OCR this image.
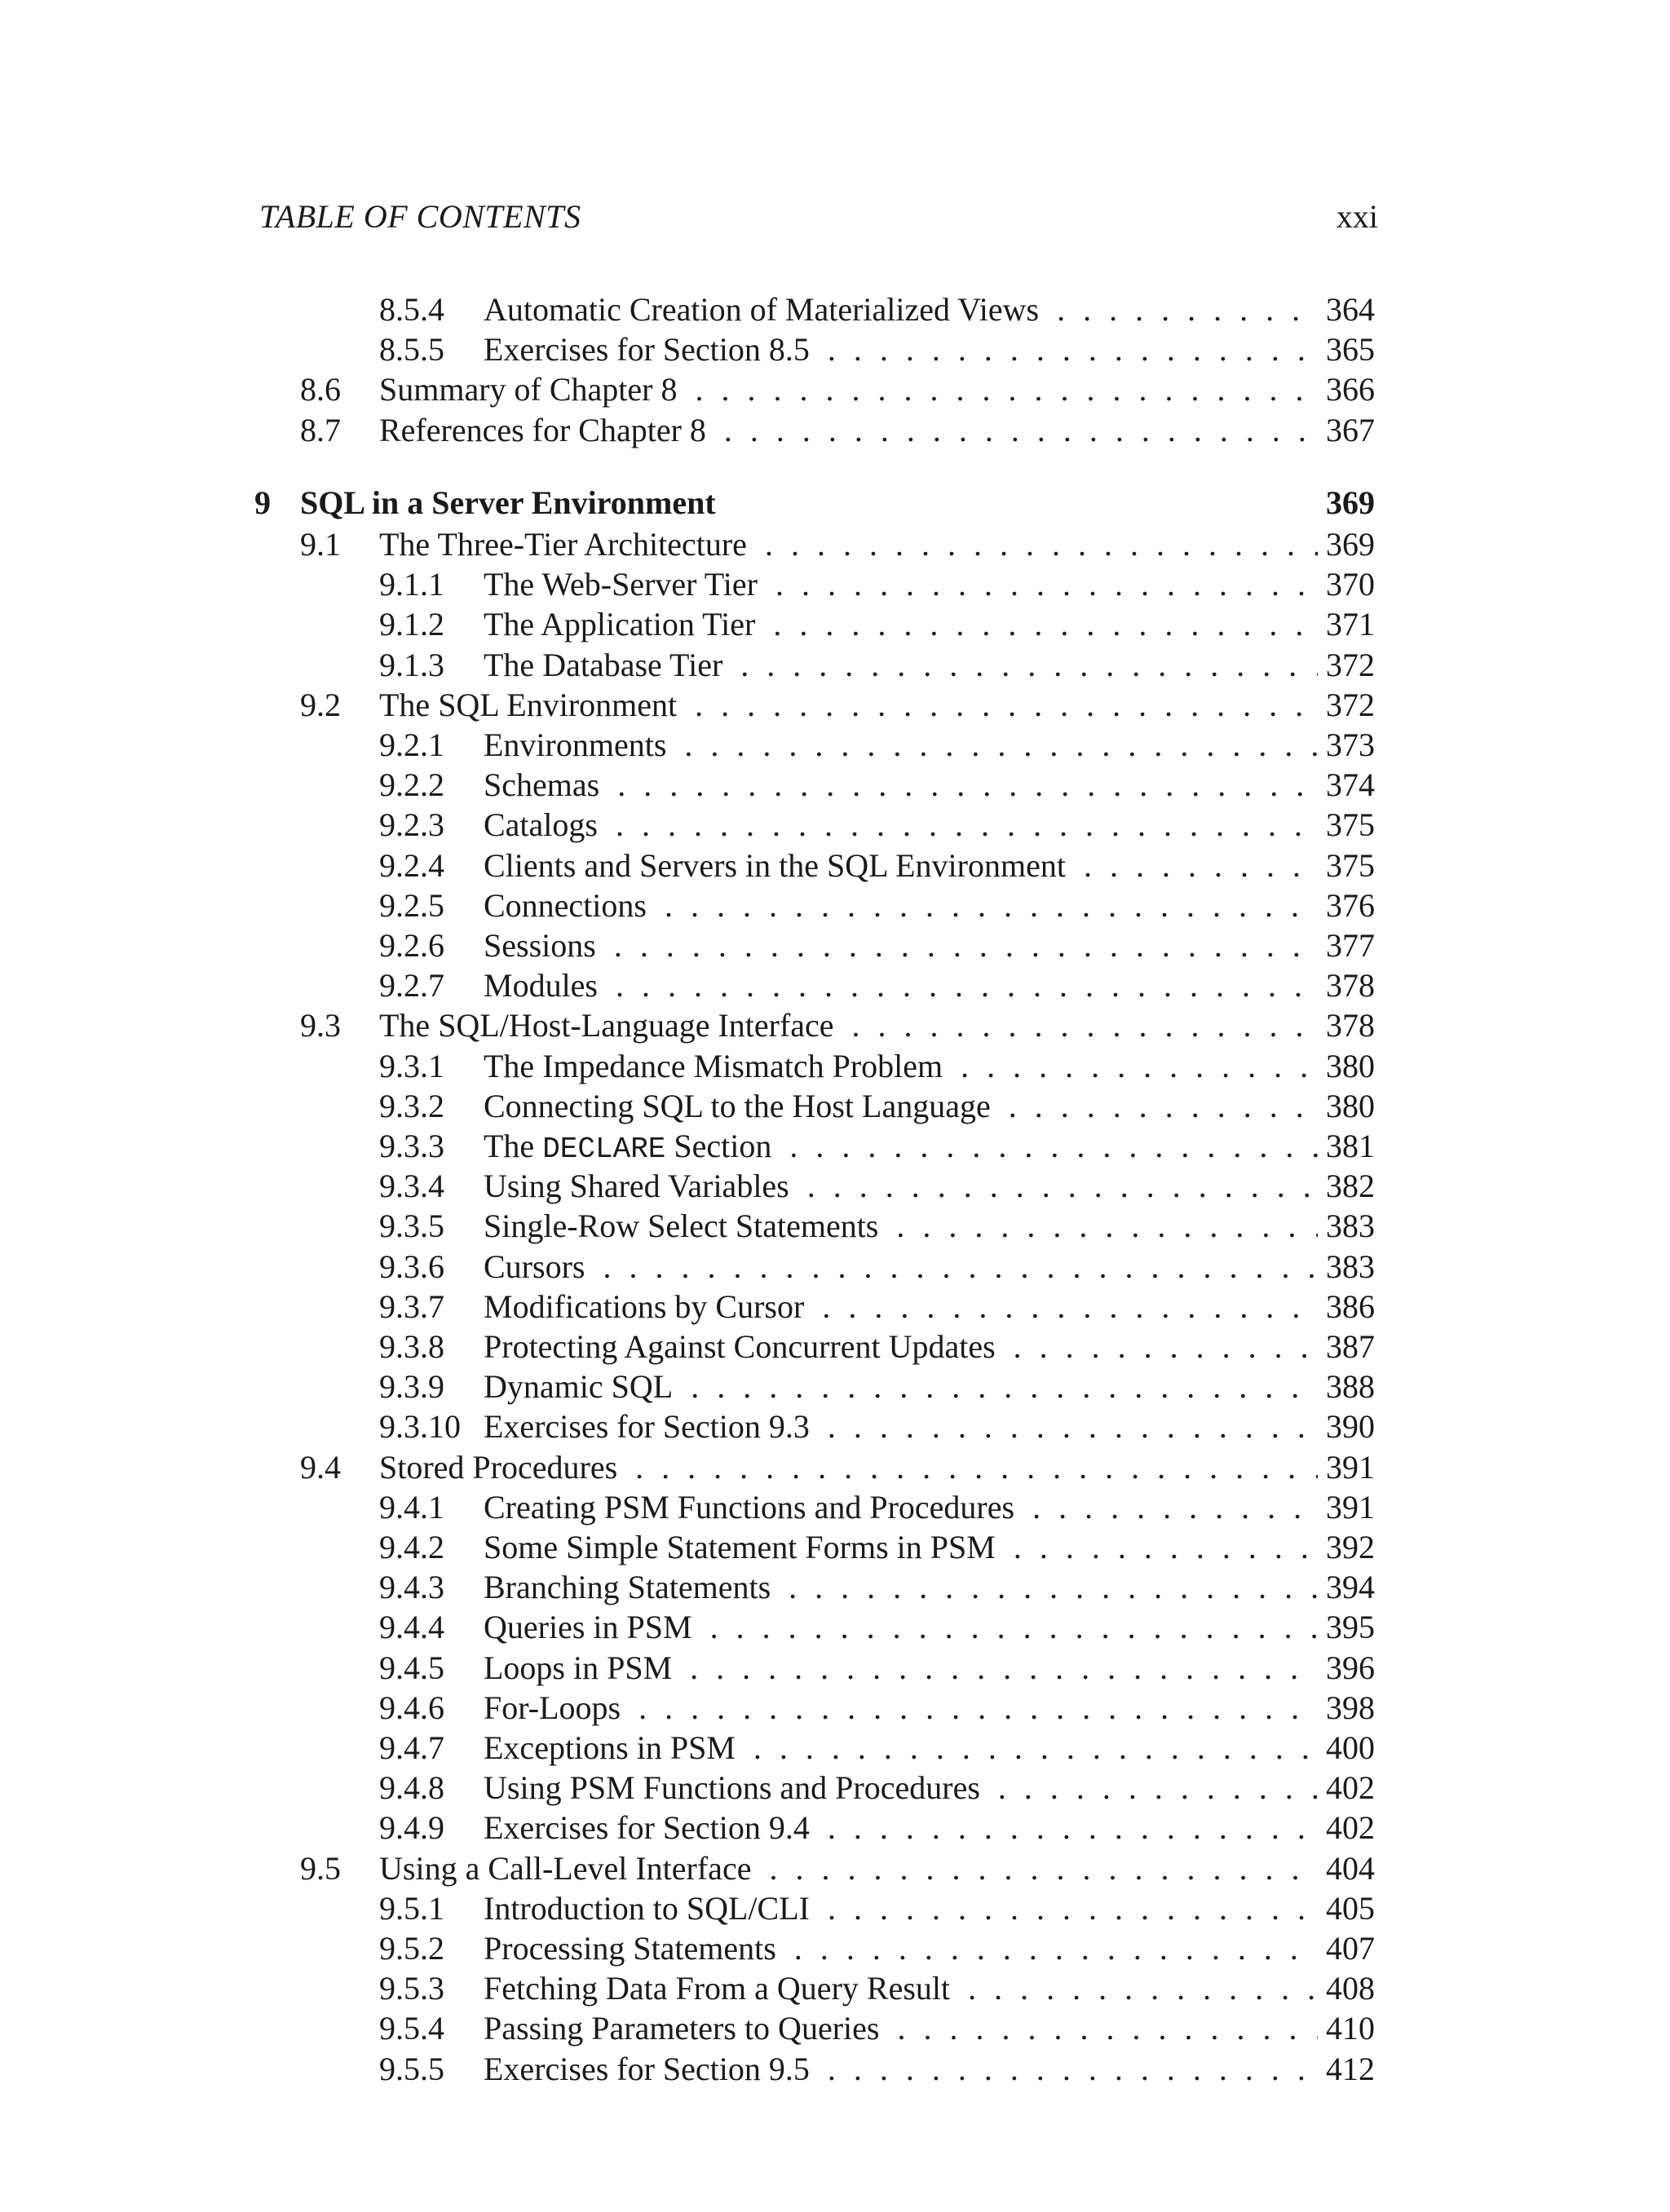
TABLE OF CONTENTS	xxi
8.5.4 Automatic Creation of Materialized Views . . .	364
8.5.5 Exercises for Section 8.5 . . .	365
8.6 Summary of Chapter 8 . . .	366
8.7 References for Chapter 8 . . .	367
9 SQL in a Server Environment	369
9.1 The Three-Tier Architecture . . .	369
9.1.1 The Web-Server Tier . . .	370
9.1.2 The Application Tier . . .	371
9.1.3 The Database Tier . . .	372
9.2 The SQL Environment . . .	372
9.2.1 Environments . . .	373
9.2.2 Schemas . . .	374
9.2.3 Catalogs . . .	375
9.2.4 Clients and Servers in the SQL Environment . . .	375
9.2.5 Connections . . .	376
9.2.6 Sessions . . .	377
9.2.7 Modules . . .	378
9.3 The SQL/Host-Language Interface . . .	378
9.3.1 The Impedance Mismatch Problem . . .	380
9.3.2 Connecting SQL to the Host Language . . .	380
9.3.3 The DECLARE Section . . .	381
9.3.4 Using Shared Variables . . .	382
9.3.5 Single-Row Select Statements . . .	383
9.3.6 Cursors . . .	383
9.3.7 Modifications by Cursor . . .	386
9.3.8 Protecting Against Concurrent Updates . . .	387
9.3.9 Dynamic SQL . . .	388
9.3.10 Exercises for Section 9.3 . . .	390
9.4 Stored Procedures . . .	391
9.4.1 Creating PSM Functions and Procedures . . .	391
9.4.2 Some Simple Statement Forms in PSM . . .	392
9.4.3 Branching Statements . . .	394
9.4.4 Queries in PSM . . .	395
9.4.5 Loops in PSM . . .	396
9.4.6 For-Loops . . .	398
9.4.7 Exceptions in PSM . . .	400
9.4.8 Using PSM Functions and Procedures . . .	402
9.4.9 Exercises for Section 9.4 . . .	402
9.5 Using a Call-Level Interface . . .	404
9.5.1 Introduction to SQL/CLI . . .	405
9.5.2 Processing Statements . . .	407
9.5.3 Fetching Data From a Query Result . . .	408
9.5.4 Passing Parameters to Queries . . .	410
9.5.5 Exercises for Section 9.5 . . .	412
